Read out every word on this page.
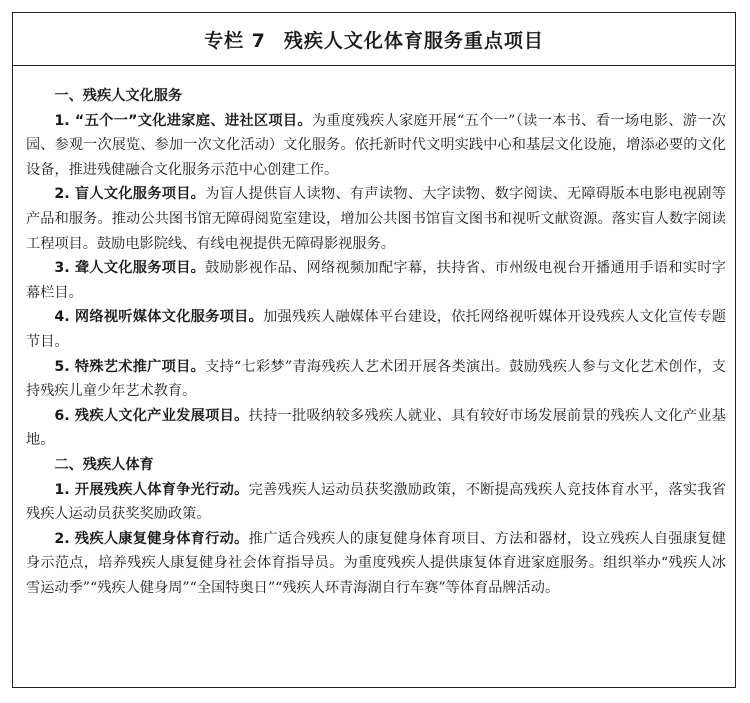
专栏 7 残疾人文化体育服务重点项目

一、残疾人文化服务

1. “五个一”文化进家庭、进社区项目。为重度残疾人家庭开展“五个一”（读一本书、看一场电影、游一次园、参观一次展览、参加一次文化活动）文化服务。依托新时代文明实践中心和基层文化设施，增添必要的文化设备，推进残健融合文化服务示范中心创建工作。

2. 盲人文化服务项目。为盲人提供盲人读物、有声读物、大字读物、数字阅读、无障碍版本电影电视剧等产品和服务。推动公共图书馆无障碍阅览室建设，增加公共图书馆盲文图书和视听文献资源。落实盲人数字阅读工程项目。鼓励电影院线、有线电视提供无障碍影视服务。

3. 聋人文化服务项目。鼓励影视作品、网络视频加配字幕，扶持省、市州级电视台开播通用手语和实时字幕栏目。

4. 网络视听媒体文化服务项目。加强残疾人融媒体平台建设，依托网络视听媒体开设残疾人文化宣传专题节目。

5. 特殊艺术推广项目。支持“七彩梦”青海残疾人艺术团开展各类演出。鼓励残疾人参与文化艺术创作，支持残疾儿童少年艺术教育。

6. 残疾人文化产业发展项目。扶持一批吸纳较多残疾人就业、具有较好市场发展前景的残疾人文化产业基地。

二、残疾人体育

1. 开展残疾人体育争光行动。完善残疾人运动员获奖激励政策，不断提高残疾人竞技体育水平，落实我省残疾人运动员获奖奖励政策。

2. 残疾人康复健身体育行动。推广适合残疾人的康复健身体育项目、方法和器材，设立残疾人自强康复健身示范点，培养残疾人康复健身社会体育指导员。为重度残疾人提供康复体育进家庭服务。组织举办“残疾人冰雪运动季”“残疾人健身周”“全国特奥日”“残疾人环青海湖自行车赛”等体育品牌活动。
